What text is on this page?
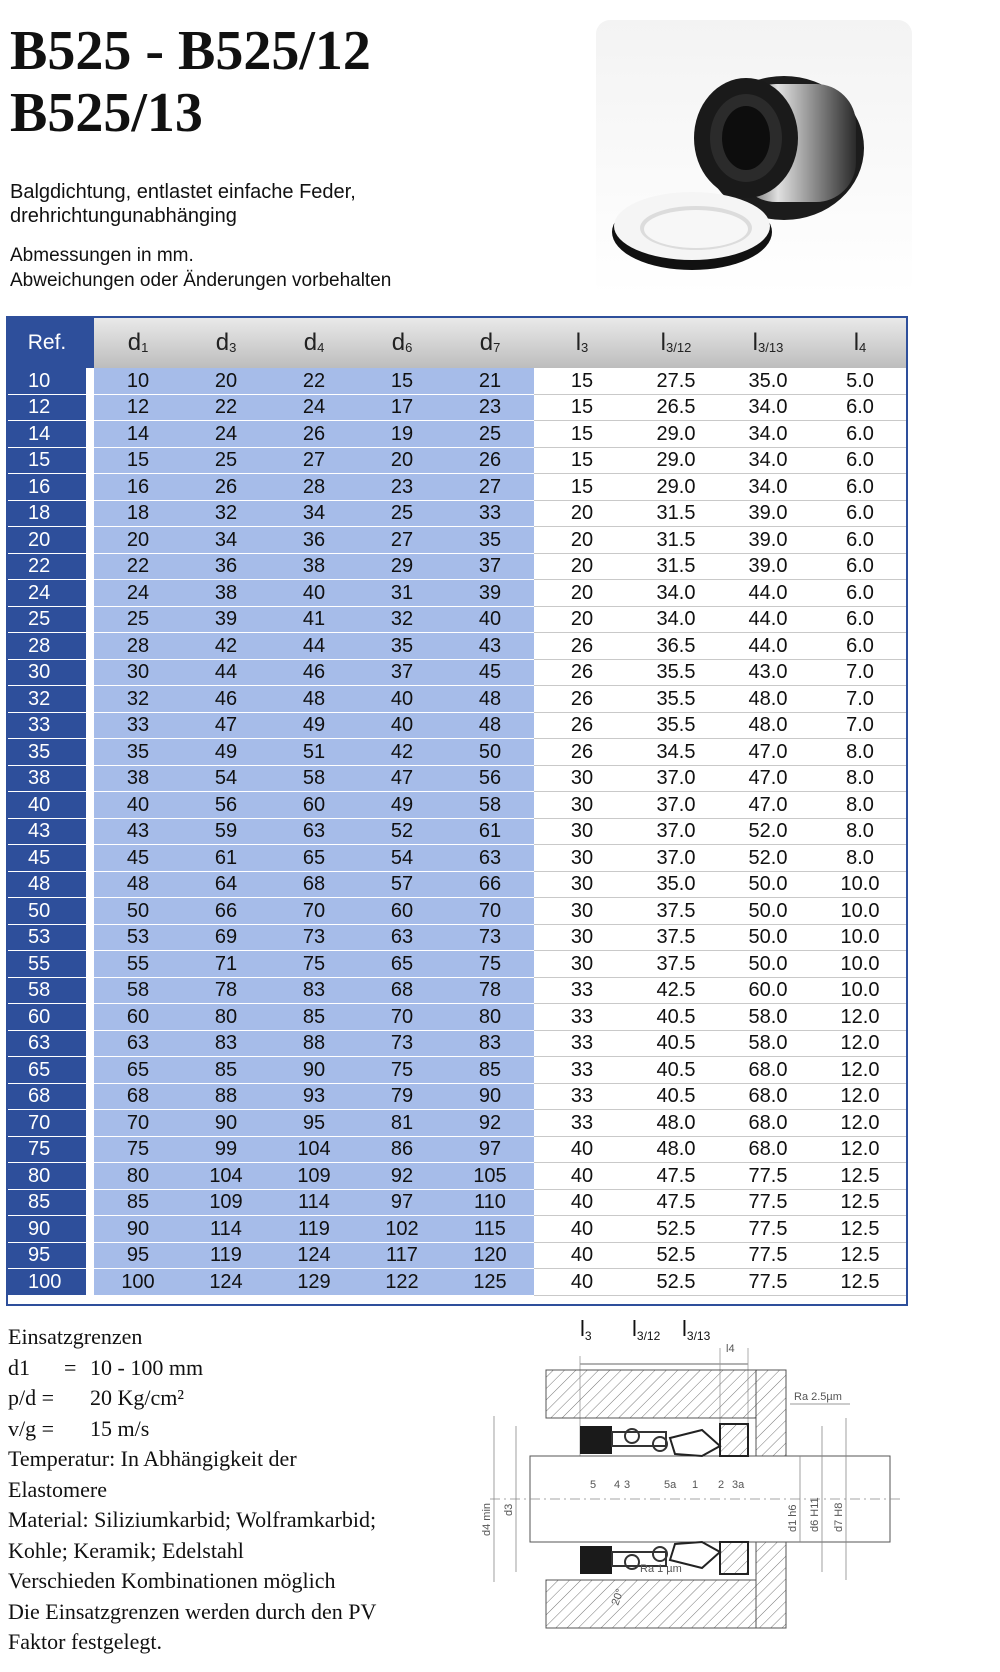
B525 - B525/12
B525/13
Balgdichtung, entlastet einfache Feder,
drehrichtungunabhänging
Abmessungen in mm.
Abweichungen oder Änderungen vorbehalten
Ref.		$d_1$	$d_3$	$d_4$	$d_6$	$d_7$	$l_3$	$l_{3/12}$	$l_{3/13}$	$l_4$
10		10	20	22	15	21	15	27.5	35.0	5.0
12		12	22	24	17	23	15	26.5	34.0	6.0
14		14	24	26	19	25	15	29.0	34.0	6.0
15		15	25	27	20	26	15	29.0	34.0	6.0
16		16	26	28	23	27	15	29.0	34.0	6.0
18		18	32	34	25	33	20	31.5	39.0	6.0
20		20	34	36	27	35	20	31.5	39.0	6.0
22		22	36	38	29	37	20	31.5	39.0	6.0
24		24	38	40	31	39	20	34.0	44.0	6.0
25		25	39	41	32	40	20	34.0	44.0	6.0
28		28	42	44	35	43	26	36.5	44.0	6.0
30		30	44	46	37	45	26	35.5	43.0	7.0
32		32	46	48	40	48	26	35.5	48.0	7.0
33		33	47	49	40	48	26	35.5	48.0	7.0
35		35	49	51	42	50	26	34.5	47.0	8.0
38		38	54	58	47	56	30	37.0	47.0	8.0
40		40	56	60	49	58	30	37.0	47.0	8.0
43		43	59	63	52	61	30	37.0	52.0	8.0
45		45	61	65	54	63	30	37.0	52.0	8.0
48		48	64	68	57	66	30	35.0	50.0	10.0
50		50	66	70	60	70	30	37.5	50.0	10.0
53		53	69	73	63	73	30	37.5	50.0	10.0
55		55	71	75	65	75	30	37.5	50.0	10.0
58		58	78	83	68	78	33	42.5	60.0	10.0
60		60	80	85	70	80	33	40.5	58.0	12.0
63		63	83	88	73	83	33	40.5	58.0	12.0
65		65	85	90	75	85	33	40.5	68.0	12.0
68		68	88	93	79	90	33	40.5	68.0	12.0
70		70	90	95	81	92	33	48.0	68.0	12.0
75		75	99	104	86	97	40	48.0	68.0	12.0
80		80	104	109	92	105	40	47.5	77.5	12.5
85		85	109	114	97	110	40	47.5	77.5	12.5
90		90	114	119	102	115	40	52.5	77.5	12.5
95		95	119	124	117	120	40	52.5	77.5	12.5
100		100	124	129	122	125	40	52.5	77.5	12.5
Einsatzgrenzen
d1 = 10 - 100 mm
p/d = 20 Kg/cm²
v/g = 15 m/s
Temperatur: In Abhängigkeit der
Elastomere
Material: Siliziumkarbid; Wolframkarbid;
Kohle; Keramik; Edelstahl
Verschieden Kombinationen möglich
Die Einsatzgrenzen werden durch den PV
Faktor festgelegt.
l3 l3/12 l3/13
l4
5 4 3	5a 1 2 3a
Ra 2.5µm
Ra 1 µm
d4 min d3	d1 h6 d6 H11 d7 H8
20°
